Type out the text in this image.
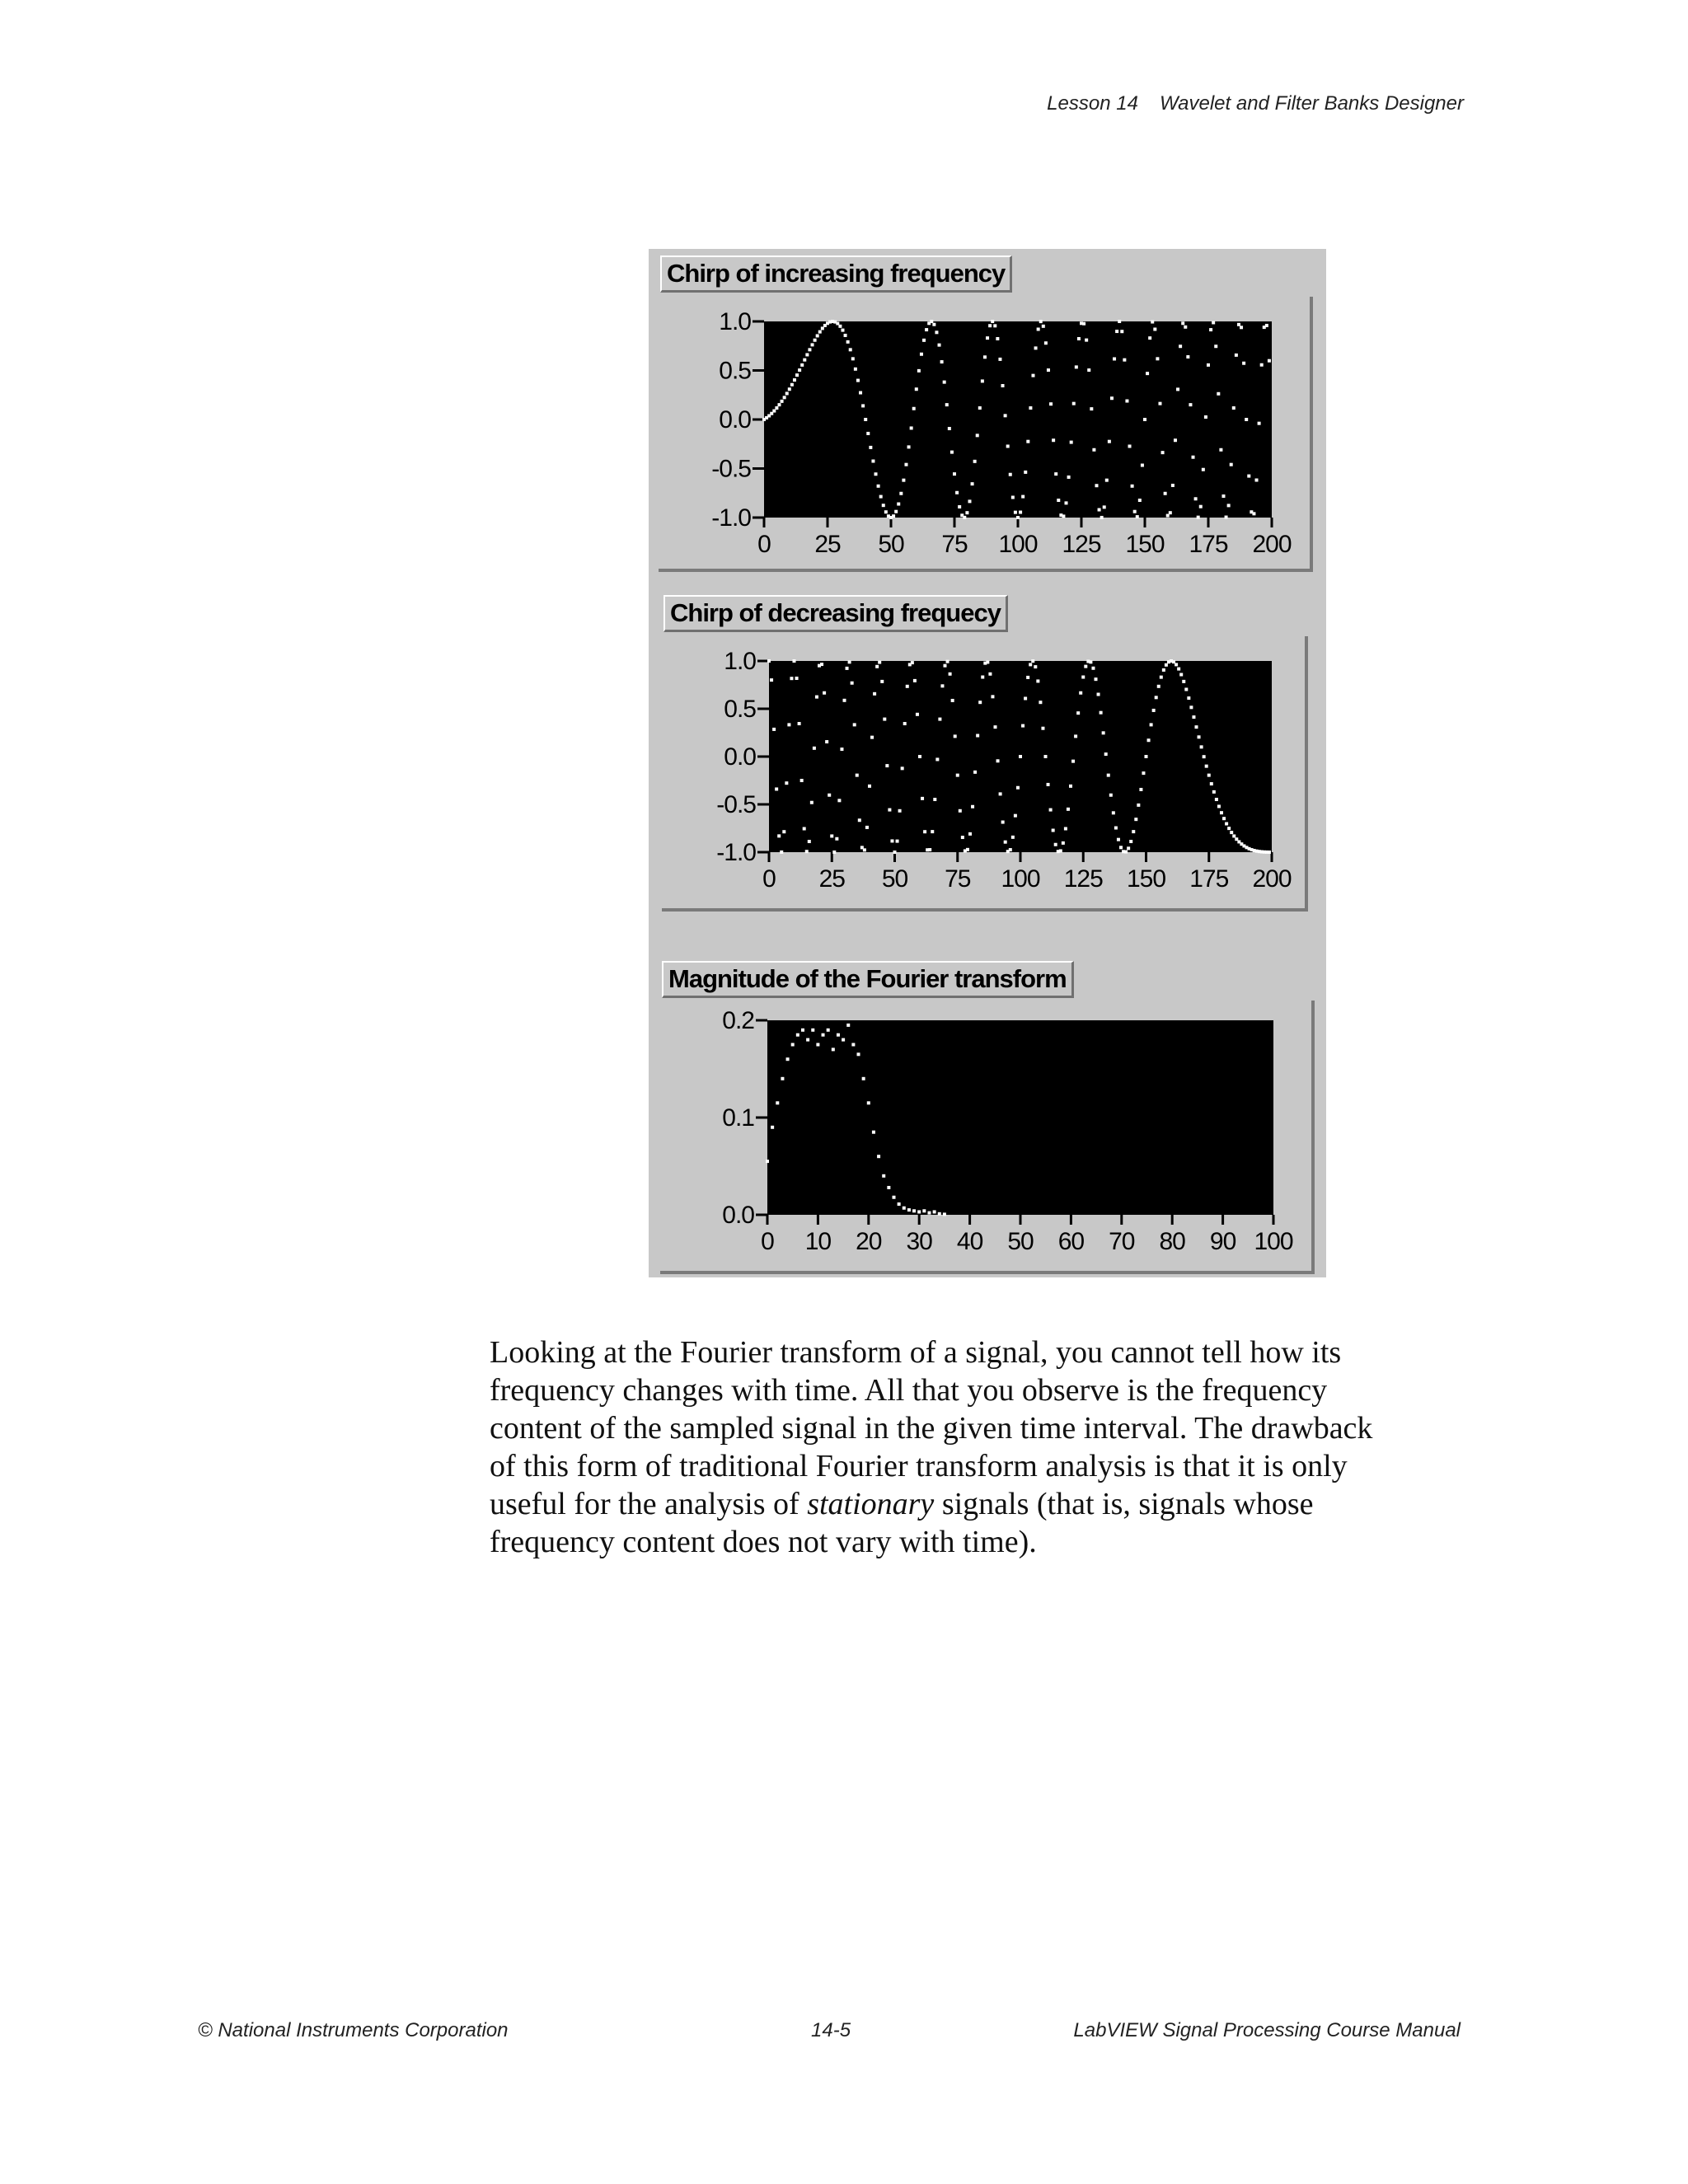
Lesson 14 Wavelet and Filter Banks Designer
Chirp of increasing frequency
1.0
0.5
0.0
-0.5
-1.0
0 25 50 75 100 125 150 175 200
Chirp of decreasing frequecy
1.0
0.5
0.0
-0.5
-1.0
0 25 50 75 100 125 150 175 200
Magnitude of the Fourier transform
0.2
0.1
0.0
0 10 20 30 40 50 60 70 80 90 100

Looking at the Fourier transform of a signal, you cannot tell how its

frequency changes with time. All that you observe is the frequency

content of the sampled signal in the given time interval. The drawback

of this form of traditional Fourier transform analysis is that it is only

useful for the analysis of stationary signals (that is, signals whose

frequency content does not vary with time).

© National Instruments Corporation	14-5	LabVIEW Signal Processing Course Manual
